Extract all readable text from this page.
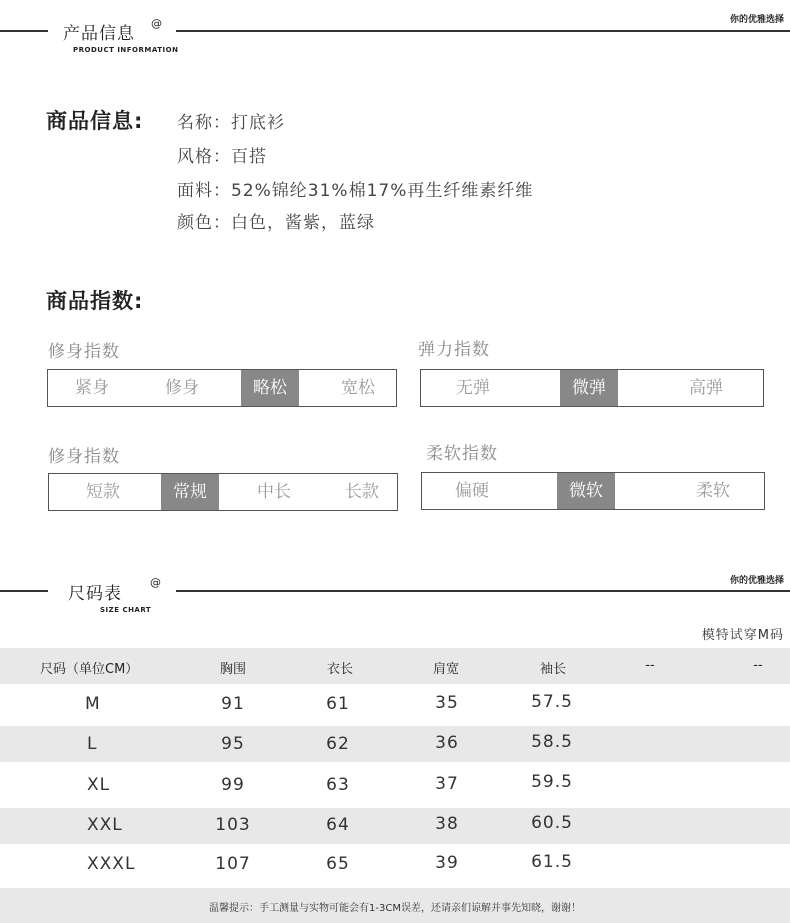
产品信息
@
PRODUCT INFORMATION
你的优雅选择
商品信息: 名称：打底衫
风格：百搭
面料：52%锦纶31%棉17%再生纤维素纤维
颜色：白色，酱紫，蓝绿
商品指数:
修身指数
紧身	修身	略松	宽松
弹力指数
无弹	微弹	高弹
修身指数
短款	常规	中长	长款
柔软指数
偏硬	微软	柔软
尺码表
@
SIZE CHART
你的优雅选择
模特试穿M码
尺码（单位CM）	胸围	衣长	肩宽	袖长	--	--
M	91	61	35	57.5
L	95	62	36	58.5
XL	99	63	37	59.5
XXL	103	64	38	60.5
XXXL	107	65	39	61.5
温馨提示：手工测量与实物可能会有1-3CM误差，还请亲们谅解并事先知晓，谢谢！
